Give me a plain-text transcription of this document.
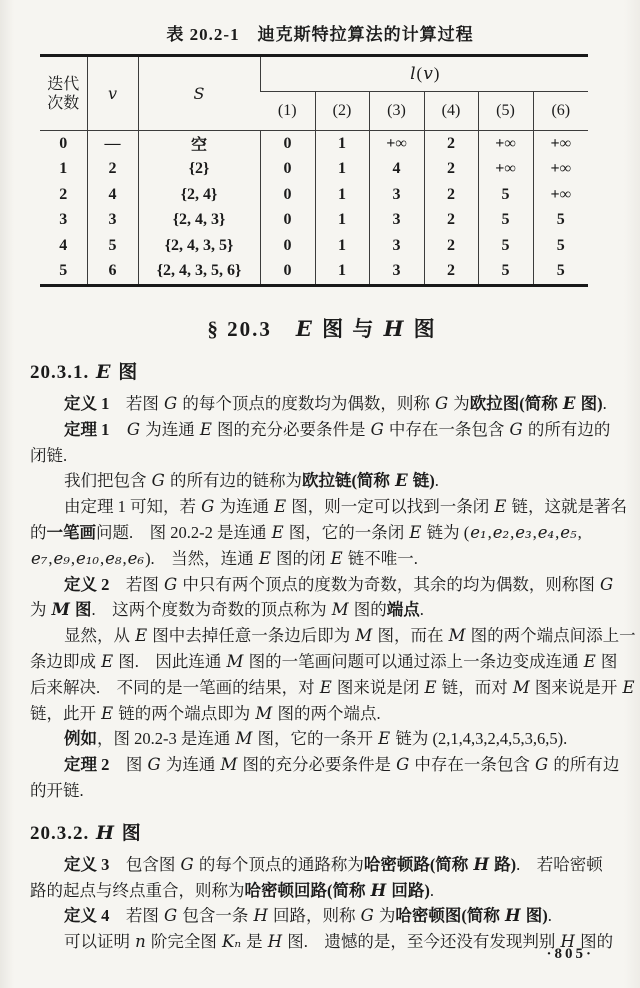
表 20.2-1　迪克斯特拉算法的计算过程
迭代次数	v	S	l(v)					
			(1)	(2)	(3)	(4)	(5)	(6)
0	—	空	0	1	+∞	2	+∞	+∞
1	2	{2}	0	1	4	2	+∞	+∞
2	4	{2, 4}	0	1	3	2	5	+∞
3	3	{2, 4, 3}	0	1	3	2	5	5
4	5	{2, 4, 3, 5}	0	1	3	2	5	5
5	6	{2, 4, 3, 5, 6}	0	1	3	2	5	5
§ 20.3　E 图 与 H 图
20.3.1. E 图
定义 1　若图 G 的每个顶点的度数均为偶数，则称 G 为欧拉图(简称 E 图).
定理 1　 G 为连通 E 图的充分必要条件是 G 中存在一条包含 G 的所有边的
闭链.
我们把包含 G 的所有边的链称为欧拉链(简称 E 链).
由定理 1 可知，若 G 为连通 E 图，则一定可以找到一条闭 E 链，这就是著名
的一笔画问题.　图 20.2-2 是连通 E 图，它的一条闭 E 链为 (e₁,e₂,e₃,e₄,e₅,
e₇,e₉,e₁₀,e₈,e₆).　当然，连通 E 图的闭 E 链不唯一.
定义 2　若图 G 中只有两个顶点的度数为奇数，其余的均为偶数，则称图 G
为 M 图.　这两个度数为奇数的顶点称为 M 图的端点.
显然，从 E 图中去掉任意一条边后即为 M 图，而在 M 图的两个端点间添上一
条边即成 E 图.　因此连通 M 图的一笔画问题可以通过添上一条边变成连通 E 图
后来解决.　不同的是一笔画的结果，对 E 图来说是闭 E 链，而对 M 图来说是开 E
链，此开 E 链的两个端点即为 M 图的两个端点.
例如，图 20.2-3 是连通 M 图，它的一条开 E 链为 (2,1,4,3,2,4,5,3,6,5).
定理 2　图 G 为连通 M 图的充分必要条件是 G 中存在一条包含 G 的所有边
的开链.
20.3.2. H 图
定义 3　包含图 G 的每个顶点的通路称为哈密顿路(简称 H 路).　若哈密顿
路的起点与终点重合，则称为哈密顿回路(简称 H 回路).
定义 4　若图 G 包含一条 H 回路，则称 G 为哈密顿图(简称 H 图).
可以证明 n 阶完全图 Kₙ 是 H 图.　遗憾的是，至今还没有发现判别 H 图的
·805·
